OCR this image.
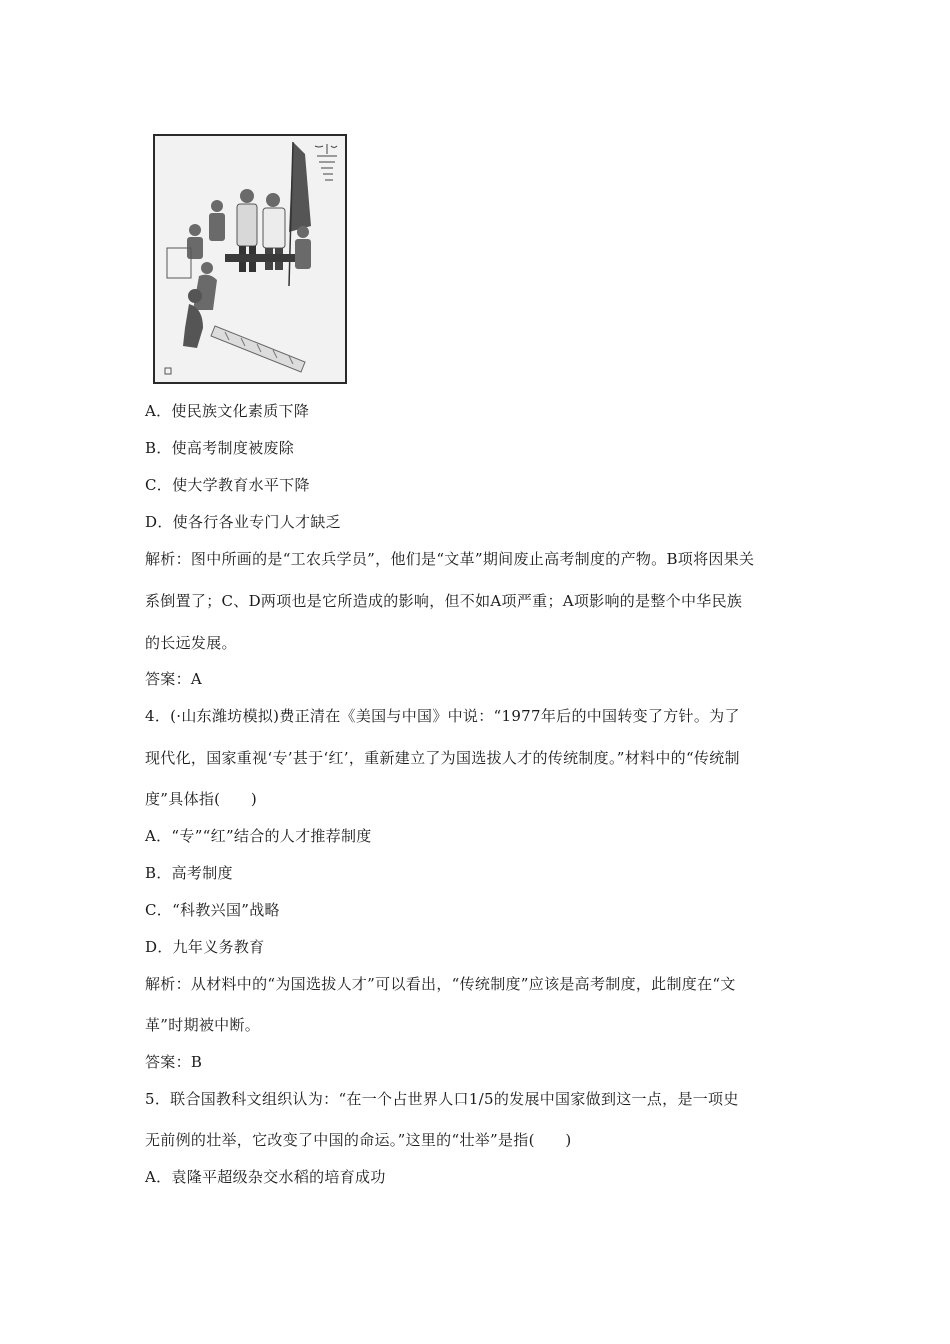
A．使民族文化素质下降
B．使高考制度被废除
C．使大学教育水平下降
D．使各行各业专门人才缺乏
解析：图中所画的是“工农兵学员”，他们是“文革”期间废止高考制度的产物。B项将因果关
系倒置了；C、D两项也是它所造成的影响，但不如A项严重；A项影响的是整个中华民族
的长远发展。
答案：A
4．(·山东潍坊模拟)费正清在《美国与中国》中说：“1977年后的中国转变了方针。为了
现代化，国家重视‘专’甚于‘红’，重新建立了为国选拔人才的传统制度。”材料中的“传统制
度”具体指(　　)
A．“专”“红”结合的人才推荐制度
B．高考制度
C．“科教兴国”战略
D．九年义务教育
解析：从材料中的“为国选拔人才”可以看出，“传统制度”应该是高考制度，此制度在“文
革”时期被中断。
答案：B
5．联合国教科文组织认为：“在一个占世界人口1/5的发展中国家做到这一点，是一项史
无前例的壮举，它改变了中国的命运。”这里的“壮举”是指(　　)
A．袁隆平超级杂交水稻的培育成功
